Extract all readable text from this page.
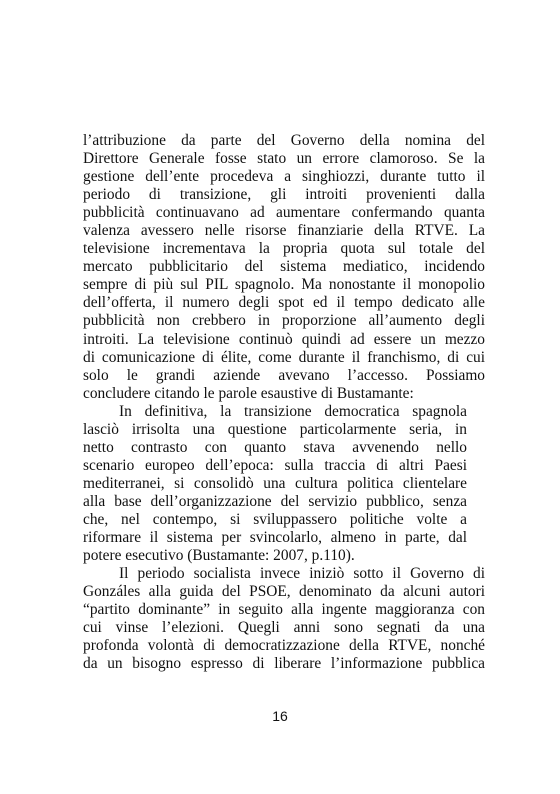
l’attribuzione da parte del Governo della nomina del
Direttore Generale fosse stato un errore clamoroso. Se la
gestione dell’ente procedeva a singhiozzi, durante tutto il
periodo di transizione, gli introiti provenienti dalla
pubblicità continuavano ad aumentare confermando quanta
valenza avessero nelle risorse finanziarie della RTVE. La
televisione incrementava la propria quota sul totale del
mercato pubblicitario del sistema mediatico, incidendo
sempre di più sul PIL spagnolo. Ma nonostante il monopolio
dell’offerta, il numero degli spot ed il tempo dedicato alle
pubblicità non crebbero in proporzione all’aumento degli
introiti. La televisione continuò quindi ad essere un mezzo
di comunicazione di élite, come durante il franchismo, di cui
solo le grandi aziende avevano l’accesso. Possiamo
concludere citando le parole esaustive di Bustamante:
In definitiva, la transizione democratica spagnola
lasciò irrisolta una questione particolarmente seria, in
netto contrasto con quanto stava avvenendo nello
scenario europeo dell’epoca: sulla traccia di altri Paesi
mediterranei, si consolidò una cultura politica clientelare
alla base dell’organizzazione del servizio pubblico, senza
che, nel contempo, si sviluppassero politiche volte a
riformare il sistema per svincolarlo, almeno in parte, dal
potere esecutivo (Bustamante: 2007, p.110).
Il periodo socialista invece iniziò sotto il Governo di
Gonzáles alla guida del PSOE, denominato da alcuni autori
“partito dominante” in seguito alla ingente maggioranza con
cui vinse l’elezioni. Quegli anni sono segnati da una
profonda volontà di democratizzazione della RTVE, nonché
da un bisogno espresso di liberare l’informazione pubblica
16
